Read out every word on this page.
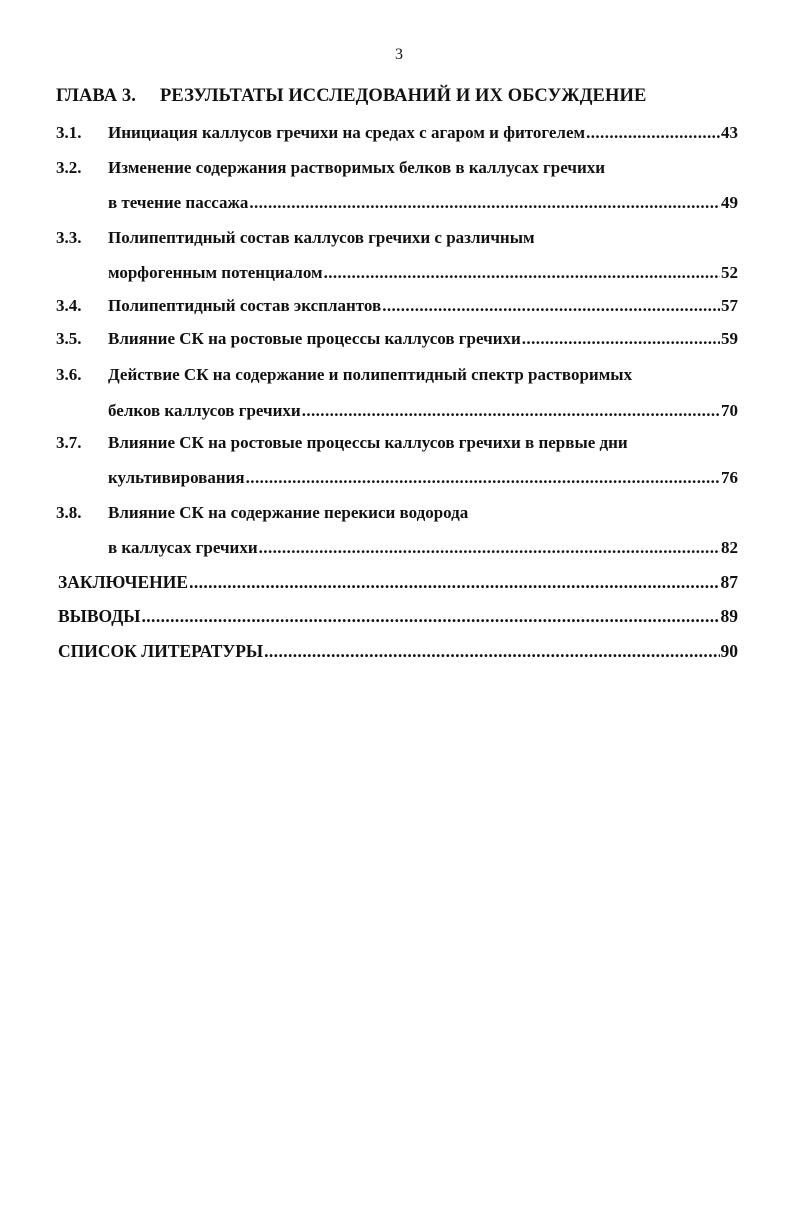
3
ГЛАВА 3. РЕЗУЛЬТАТЫ ИССЛЕДОВАНИЙ И ИХ ОБСУЖДЕНИЕ
3.1. Инициация каллусов гречихи на средах с агаром и фитогелем .....	43
3.2. Изменение содержания растворимых белков в каллусах гречихи
в течение пассажа .....	49
3.3. Полипептидный состав каллусов гречихи с различным
морфогенным потенциалом .....	52
3.4. Полипептидный состав эксплантов .....	57
3.5. Влияние СК на ростовые процессы каллусов гречихи .....	59
3.6. Действие СК на содержание и полипептидный спектр растворимых
белков каллусов гречихи .....	70
3.7. Влияние СК на ростовые процессы каллусов гречихи в первые дни
культивирования .....	76
3.8. Влияние СК на содержание перекиси водорода
в каллусах гречихи .....	82
ЗАКЛЮЧЕНИЕ .....	87
ВЫВОДЫ .....	89
СПИСОК ЛИТЕРАТУРЫ .....	90
